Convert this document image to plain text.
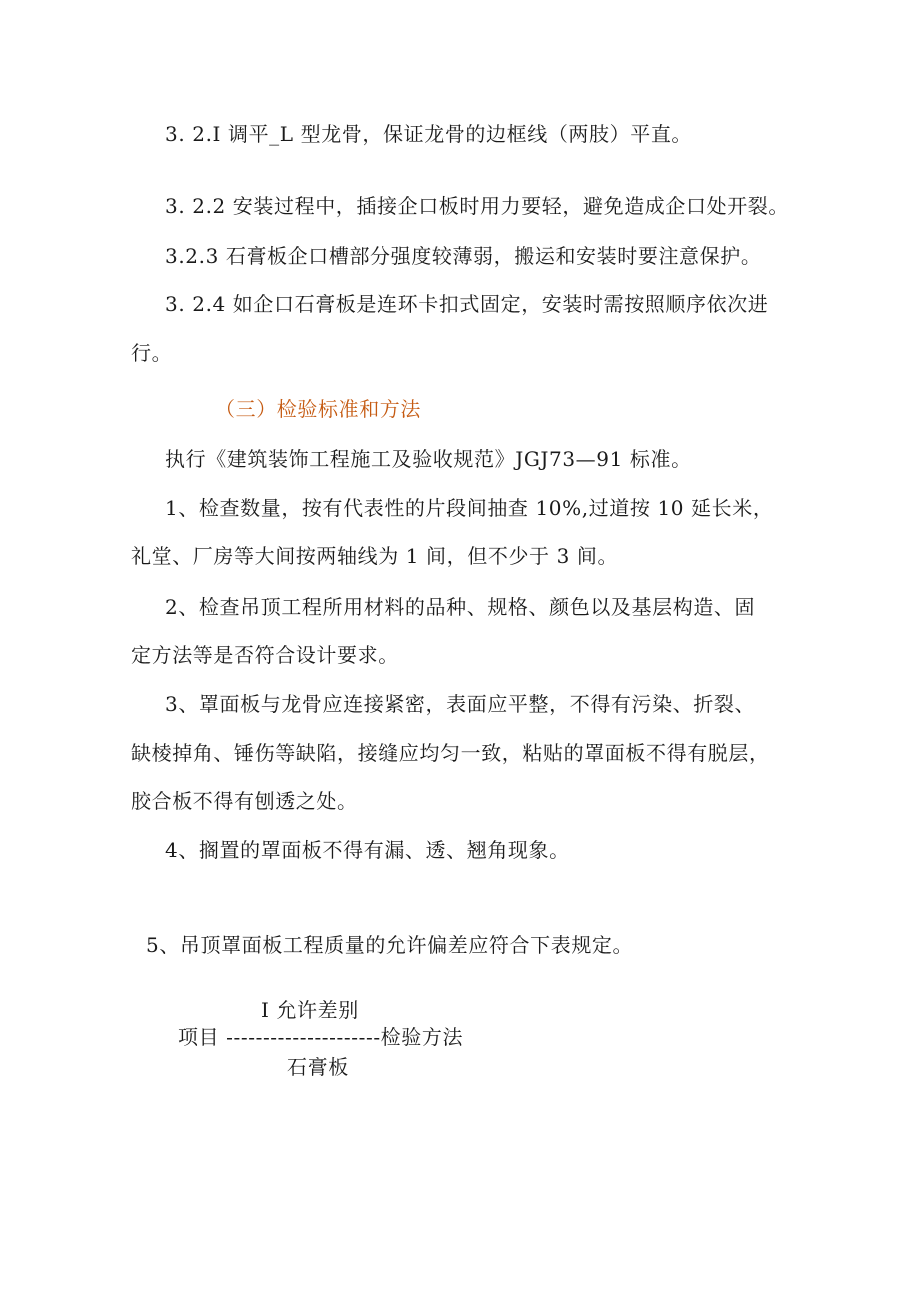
3. 2.I 调平_L 型龙骨，保证龙骨的边框线（两肢）平直。
3. 2.2 安装过程中，插接企口板时用力要轻，避免造成企口处开裂。
3.2.3 石膏板企口槽部分强度较薄弱，搬运和安装时要注意保护。
3. 2.4 如企口石膏板是连环卡扣式固定，安装时需按照顺序依次进
行。
（三）检验标准和方法
执行《建筑装饰工程施工及验收规范》JGJ73—91 标准。
1、检查数量，按有代表性的片段间抽查 10%,过道按 10 延长米，
礼堂、厂房等大间按两轴线为 1 间，但不少于 3 间。
2、检查吊顶工程所用材料的品种、规格、颜色以及基层构造、固
定方法等是否符合设计要求。
3、罩面板与龙骨应连接紧密，表面应平整，不得有污染、折裂、
缺棱掉角、锤伤等缺陷，接缝应均匀一致，粘贴的罩面板不得有脱层，
胶合板不得有刨透之处。
4、搁置的罩面板不得有漏、透、翘角现象。
5、吊顶罩面板工程质量的允许偏差应符合下表规定。
I 允许差别
项目 ---------------------检验方法
石膏板
